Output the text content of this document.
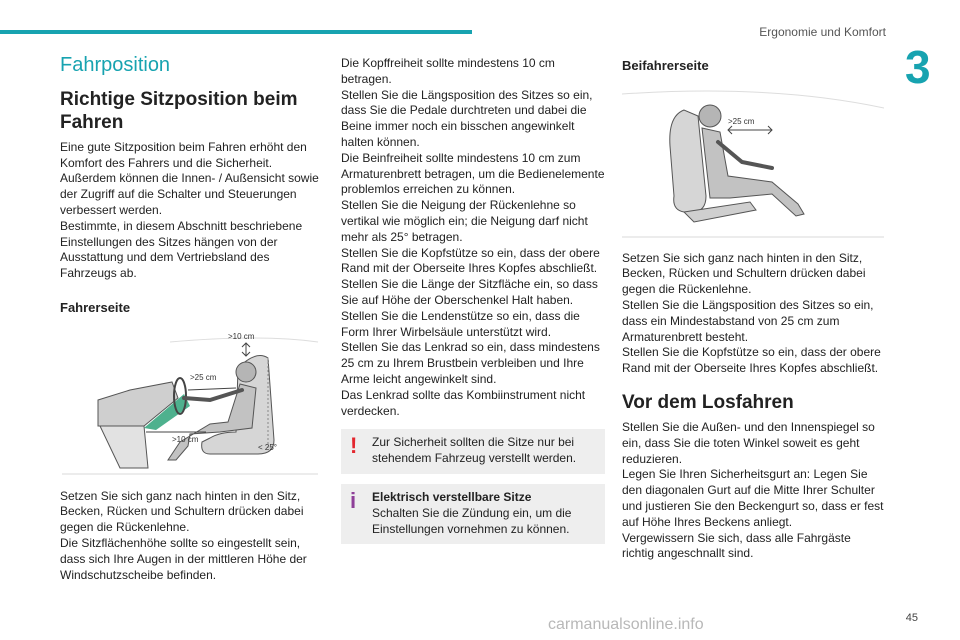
Ergonomie und Komfort
3
Fahrposition
Richtige Sitzposition beim Fahren

Eine gute Sitzposition beim Fahren erhöht den Komfort des Fahrers und die Sicherheit.

Außerdem können die Innen- / Außensicht sowie der Zugriff auf die Schalter und Steuerungen verbessert werden.

Bestimmte, in diesem Abschnitt beschriebene Einstellungen des Sitzes hängen von der Ausstattung und dem Vertriebsland des Fahrzeugs ab.

Fahrerseite
>10 cm
>25 cm
>10 cm
< 25°

Setzen Sie sich ganz nach hinten in den Sitz, Becken, Rücken und Schultern drücken dabei gegen die Rückenlehne.

Die Sitzflächenhöhe sollte so eingestellt sein, dass sich Ihre Augen in der mittleren Höhe der Windschutzscheibe befinden.

Die Kopffreiheit sollte mindestens 10 cm betragen.

Stellen Sie die Längsposition des Sitzes so ein, dass Sie die Pedale durchtreten und dabei die Beine immer noch ein bisschen angewinkelt halten können.

Die Beinfreiheit sollte mindestens 10 cm zum Armaturenbrett betragen, um die Bedienelemente problemlos erreichen zu können.

Stellen Sie die Neigung der Rückenlehne so vertikal wie möglich ein; die Neigung darf nicht mehr als 25° betragen.

Stellen Sie die Kopfstütze so ein, dass der obere Rand mit der Oberseite Ihres Kopfes abschließt.

Stellen Sie die Länge der Sitzfläche ein, so dass Sie auf Höhe der Oberschenkel Halt haben.

Stellen Sie die Lendenstütze so ein, dass die Form Ihrer Wirbelsäule unterstützt wird.

Stellen Sie das Lenkrad so ein, dass mindestens 25 cm zu Ihrem Brustbein verbleiben und Ihre Arme leicht angewinkelt sind.

Das Lenkrad sollte das Kombiinstrument nicht verdecken.

! Zur Sicherheit sollten die Sitze nur bei stehendem Fahrzeug verstellt werden.

i Elektrisch verstellbare Sitze

Schalten Sie die Zündung ein, um die Einstellungen vornehmen zu können.

Beifahrerseite
>25 cm

Setzen Sie sich ganz nach hinten in den Sitz, Becken, Rücken und Schultern drücken dabei gegen die Rückenlehne.

Stellen Sie die Längsposition des Sitzes so ein, dass ein Mindestabstand von 25 cm zum Armaturenbrett besteht.

Stellen Sie die Kopfstütze so ein, dass der obere Rand mit der Oberseite Ihres Kopfes abschließt.

Vor dem Losfahren

Stellen Sie die Außen- und den Innenspiegel so ein, dass Sie die toten Winkel soweit es geht reduzieren.

Legen Sie Ihren Sicherheitsgurt an: Legen Sie den diagonalen Gurt auf die Mitte Ihrer Schulter und justieren Sie den Beckengurt so, dass er fest auf Höhe Ihres Beckens anliegt.

Vergewissern Sie sich, dass alle Fahrgäste richtig angeschnallt sind.

carmanualsonline.info	45
